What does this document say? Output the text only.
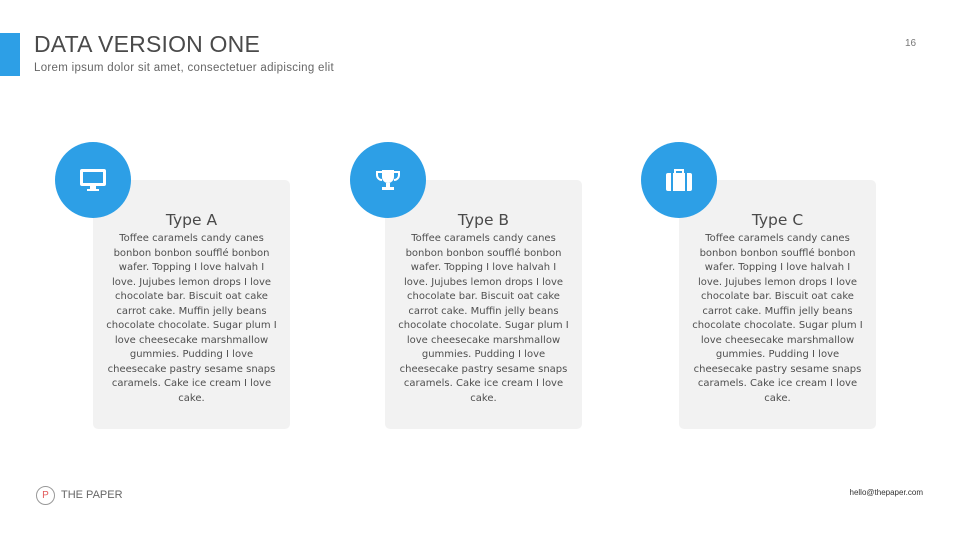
DATA VERSION ONE
Lorem ipsum dolor sit amet, consectetuer adipiscing elit
16
Type A

Toffee caramels candy canes bonbon bonbon soufflé bonbon wafer. Topping I love halvah I love. Jujubes lemon drops I love chocolate bar. Biscuit oat cake carrot cake. Muffin jelly beans chocolate chocolate. Sugar plum I love cheesecake marshmallow gummies. Pudding I love cheesecake pastry sesame snaps caramels. Cake ice cream I love cake.

Type B

Toffee caramels candy canes bonbon bonbon soufflé bonbon wafer. Topping I love halvah I love. Jujubes lemon drops I love chocolate bar. Biscuit oat cake carrot cake. Muffin jelly beans chocolate chocolate. Sugar plum I love cheesecake marshmallow gummies. Pudding I love cheesecake pastry sesame snaps caramels. Cake ice cream I love cake.

Type C

Toffee caramels candy canes bonbon bonbon soufflé bonbon wafer. Topping I love halvah I love. Jujubes lemon drops I love chocolate bar. Biscuit oat cake carrot cake. Muffin jelly beans chocolate chocolate. Sugar plum I love cheesecake marshmallow gummies. Pudding I love cheesecake pastry sesame snaps caramels. Cake ice cream I love cake.

P	THE PAPER	hello@thepaper.com
